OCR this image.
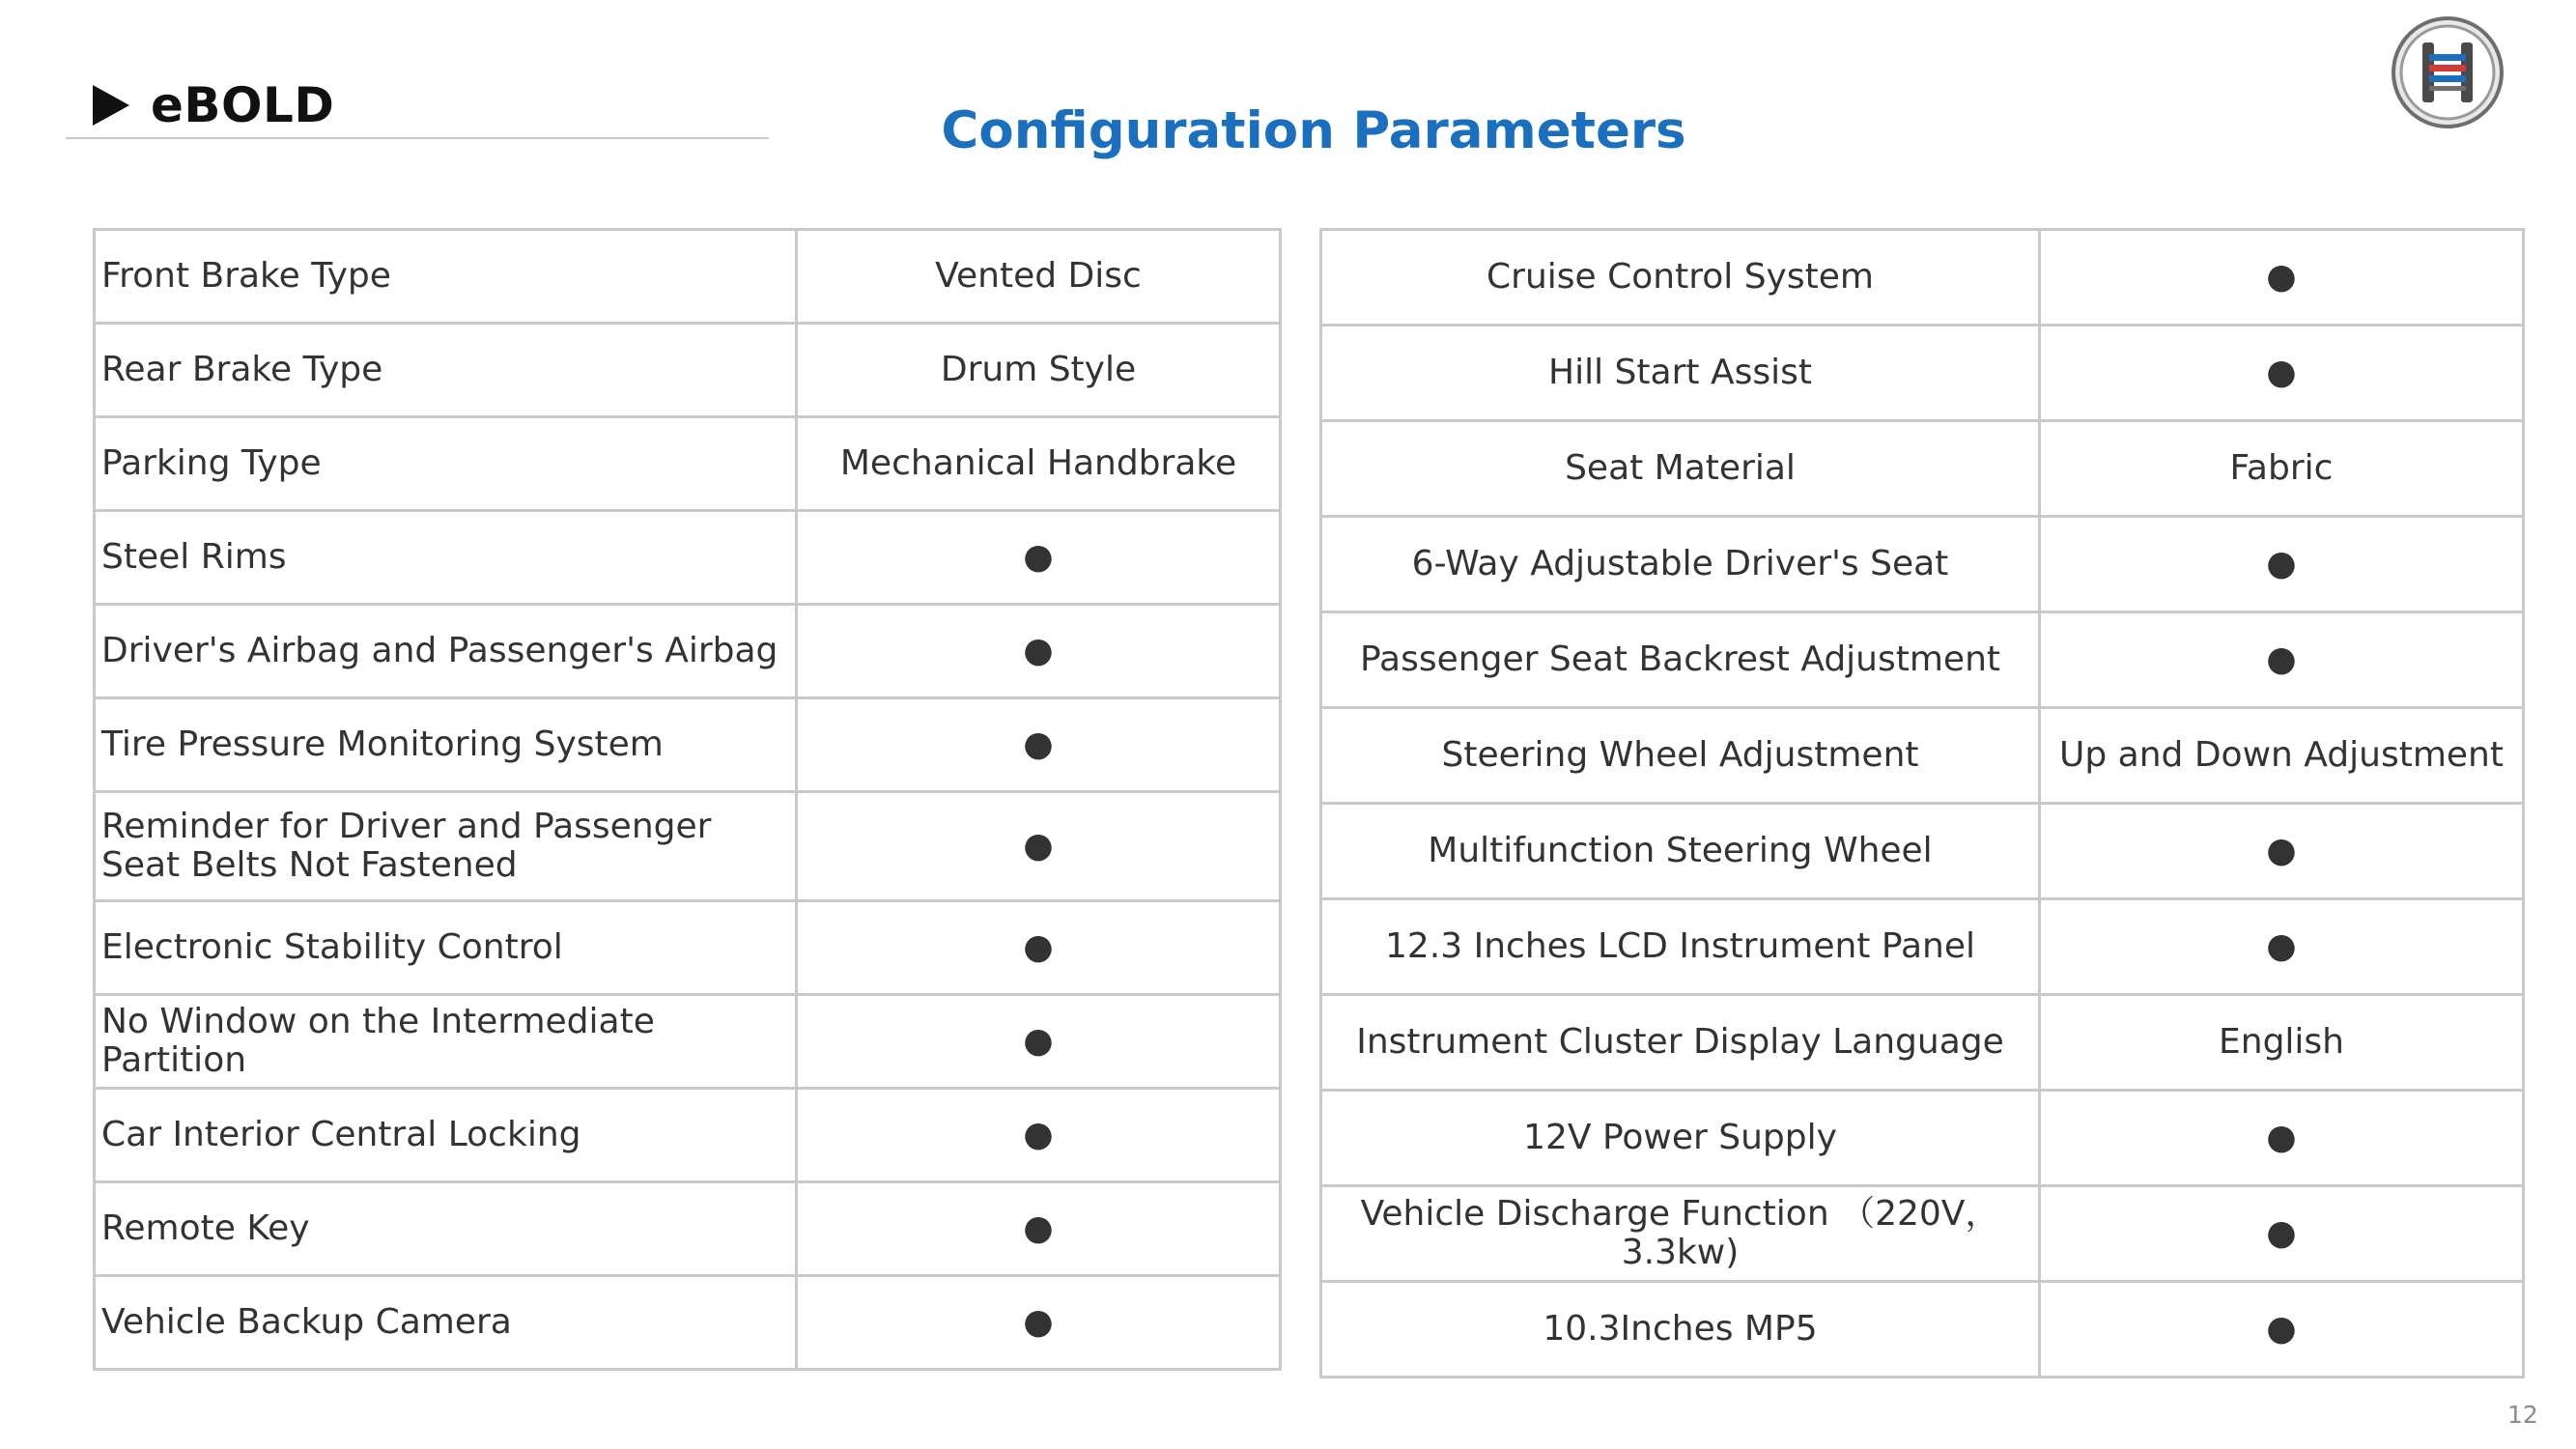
eBOLD	Configuration Parameters
Front Brake Type	Vented Disc
Rear Brake Type	Drum Style
Parking Type	Mechanical Handbrake
Steel Rims	●
Driver's Airbag and Passenger's Airbag	●
Tire Pressure Monitoring System	●
Reminder for Driver and Passenger Seat Belts Not Fastened	●
Electronic Stability Control	●
No Window on the Intermediate Partition	●
Car Interior Central Locking	●
Remote Key	●
Vehicle Backup Camera	●
Cruise Control System	●
Hill Start Assist	●
Seat Material	Fabric
6-Way Adjustable Driver's Seat	●
Passenger Seat Backrest Adjustment	●
Steering Wheel Adjustment	Up and Down Adjustment
Multifunction Steering Wheel	●
12.3 Inches LCD Instrument Panel	●
Instrument Cluster Display Language	English
12V Power Supply	●
Vehicle Discharge Function （220V，3.3kw)	●
10.3Inches MP5	●
12
